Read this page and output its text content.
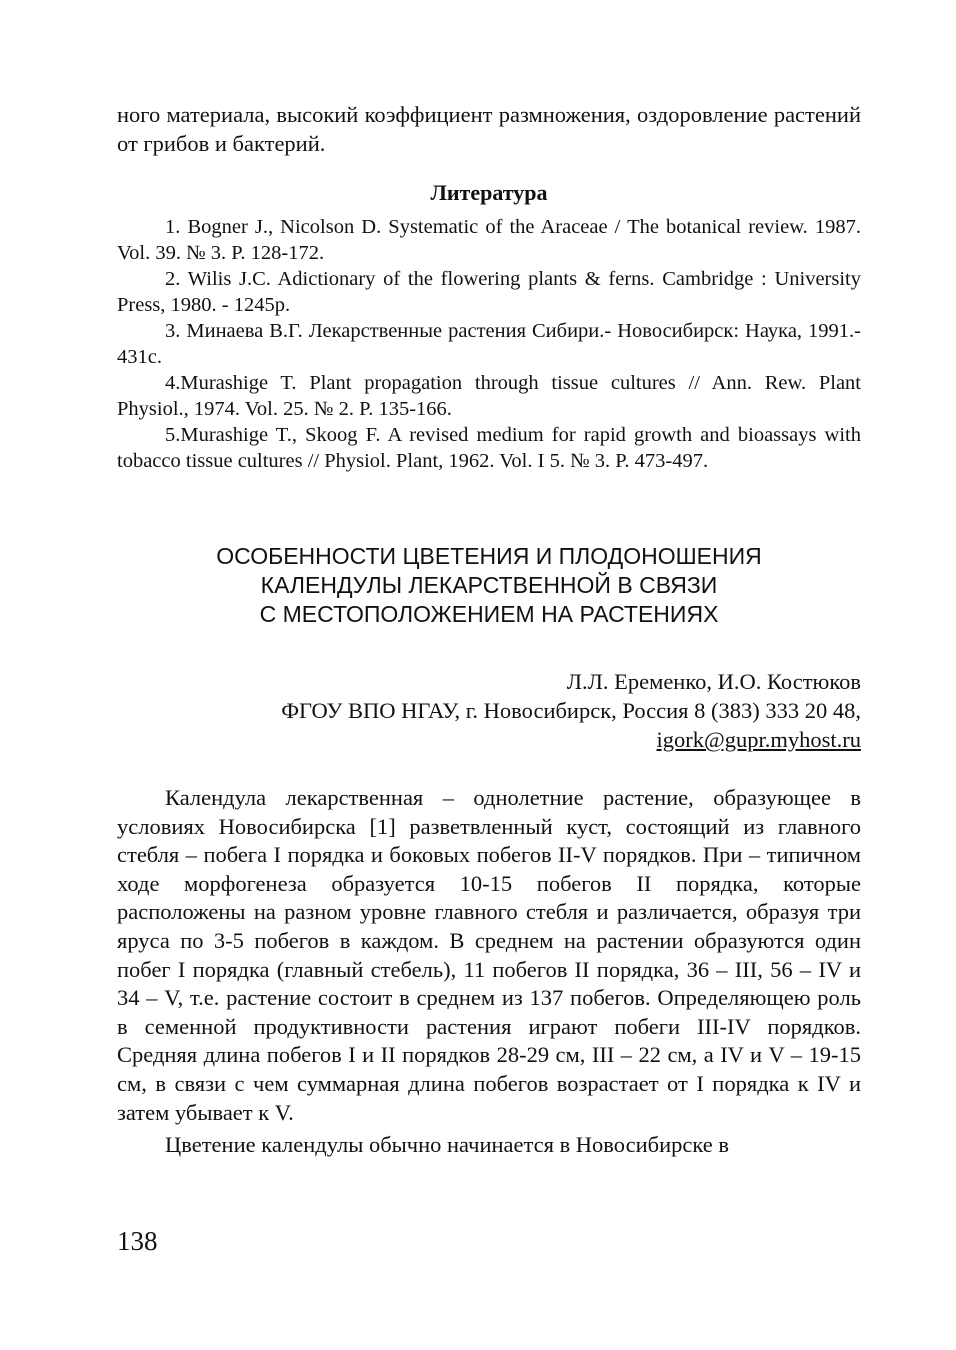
ного материала, высокий коэффициент размножения, оздоровление растений от грибов и бактерий.

Литература
1. Bogner J., Nicolson D. Systematic of the Araceae / The botanical review. 1987. Vol. 39. № 3. P. 128-172.
2. Wilis J.C. Adictionary of the flowering plants & ferns. Cambridge : University Press, 1980. - 1245p.
3. Минаева В.Г. Лекарственные растения Сибири.- Новосибирск: Наука, 1991.- 431с.
4.Murashige T. Plant propagation through tissue cultures // Ann. Rew. Plant Physiol., 1974. Vol. 25. № 2. P. 135-166.
5.Murashige T., Skoog F. A revised medium for rapid growth and bioassays with tobacco tissue cultures // Physiol. Plant, 1962. Vol. I 5. № 3. P. 473-497.
ОСОБЕННОСТИ ЦВЕТЕНИЯ И ПЛОДОНОШЕНИЯ
КАЛЕНДУЛЫ ЛЕКАРСТВЕННОЙ В СВЯЗИ
С МЕСТОПОЛОЖЕНИЕМ НА РАСТЕНИЯХ
Л.Л. Еременко, И.О. Костюков
ФГОУ ВПО НГАУ, г. Новосибирск, Россия 8 (383) 333 20 48,
igork@gupr.myhost.ru

Календула лекарственная – однолетние растение, образующее в условиях Новосибирска [1] разветвленный куст, состоящий из главного стебля – побега I порядка и боковых побегов II-V порядков. При – типичном ходе морфогенеза образуется 10-15 побегов II порядка, которые расположены на разном уровне главного стебля и различается, образуя три яруса по 3-5 побегов в каждом. В среднем на растении образуются один побег I порядка (главный стебель), 11 побегов II порядка, 36 – III, 56 – IV и 34 – V, т.е. растение состоит в среднем из 137 побегов. Определяющею роль в семенной продуктивности растения играют побеги III-IV порядков. Средняя длина побегов I и II порядков 28-29 см, III – 22 см, а IV и V – 19-15 см, в связи с чем суммарная длина побегов возрастает от I порядка к IV и затем убывает к V.

Цветение календулы обычно начинается в Новосибирске в

138
